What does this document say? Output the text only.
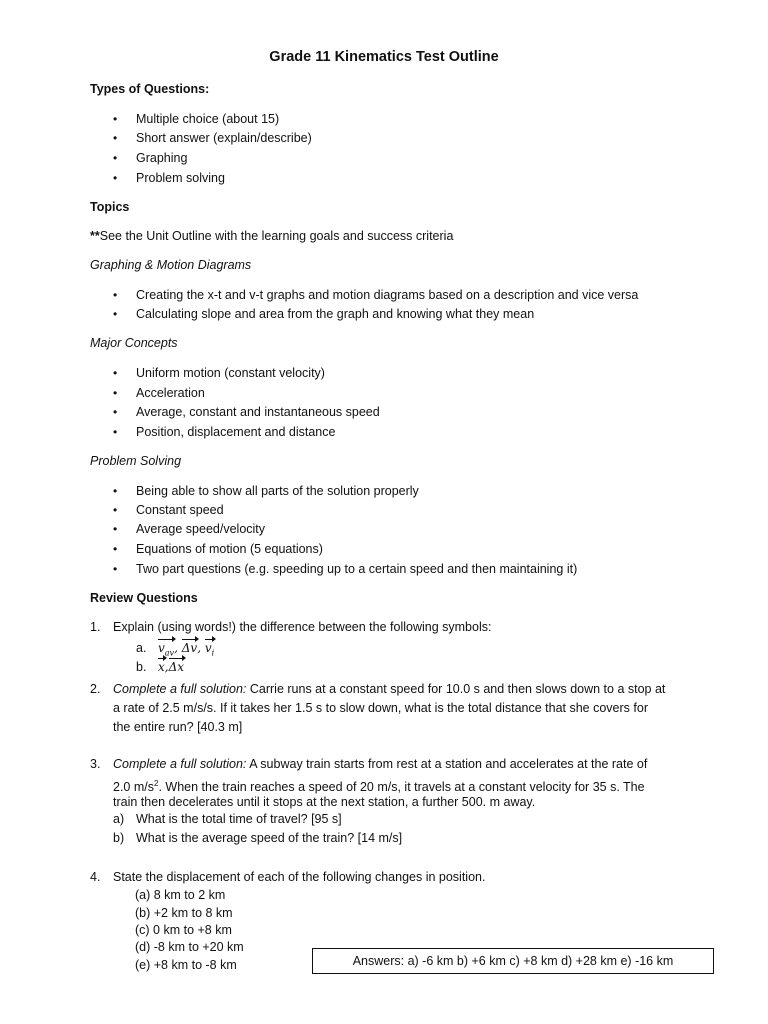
Grade 11 Kinematics Test Outline
Types of Questions:
• Multiple choice (about 15)
• Short answer (explain/describe)
• Graphing
• Problem solving
Topics
**See the Unit Outline with the learning goals and success criteria
Graphing & Motion Diagrams
• Creating the x-t and v-t graphs and motion diagrams based on a description and vice versa
• Calculating slope and area from the graph and knowing what they mean
Major Concepts
• Uniform motion (constant velocity)
• Acceleration
• Average, constant and instantaneous speed
• Position, displacement and distance
Problem Solving
• Being able to show all parts of the solution properly
• Constant speed
• Average speed/velocity
• Equations of motion (5 equations)
• Two part questions (e.g. speeding up to a certain speed and then maintaining it)
Review Questions
1. Explain (using words!) the difference between the following symbols:
a. $v_{av}$, Δv, $v_i$
b. x,Δx
2. Complete a full solution: Carrie runs at a constant speed for 10.0 s and then slows down to a stop at
a rate of 2.5 m/s/s. If it takes her 1.5 s to slow down, what is the total distance that she covers for
the entire run? [40.3 m]
3. Complete a full solution: A subway train starts from rest at a station and accelerates at the rate of
2.0 $m/s^2$. When the train reaches a speed of 20 m/s, it travels at a constant velocity for 35 s. The
train then decelerates until it stops at the next station, a further 500. m away.
a) What is the total time of travel? [95 s]
b) What is the average speed of the train? [14 m/s]
4. State the displacement of each of the following changes in position.
(a) 8 km to 2 km
(b) +2 km to 8 km
(c) 0 km to +8 km
(d) -8 km to +20 km
(e) +8 km to -8 km	Answers: a) -6 km b) +6 km c) +8 km d) +28 km e) -16 km
